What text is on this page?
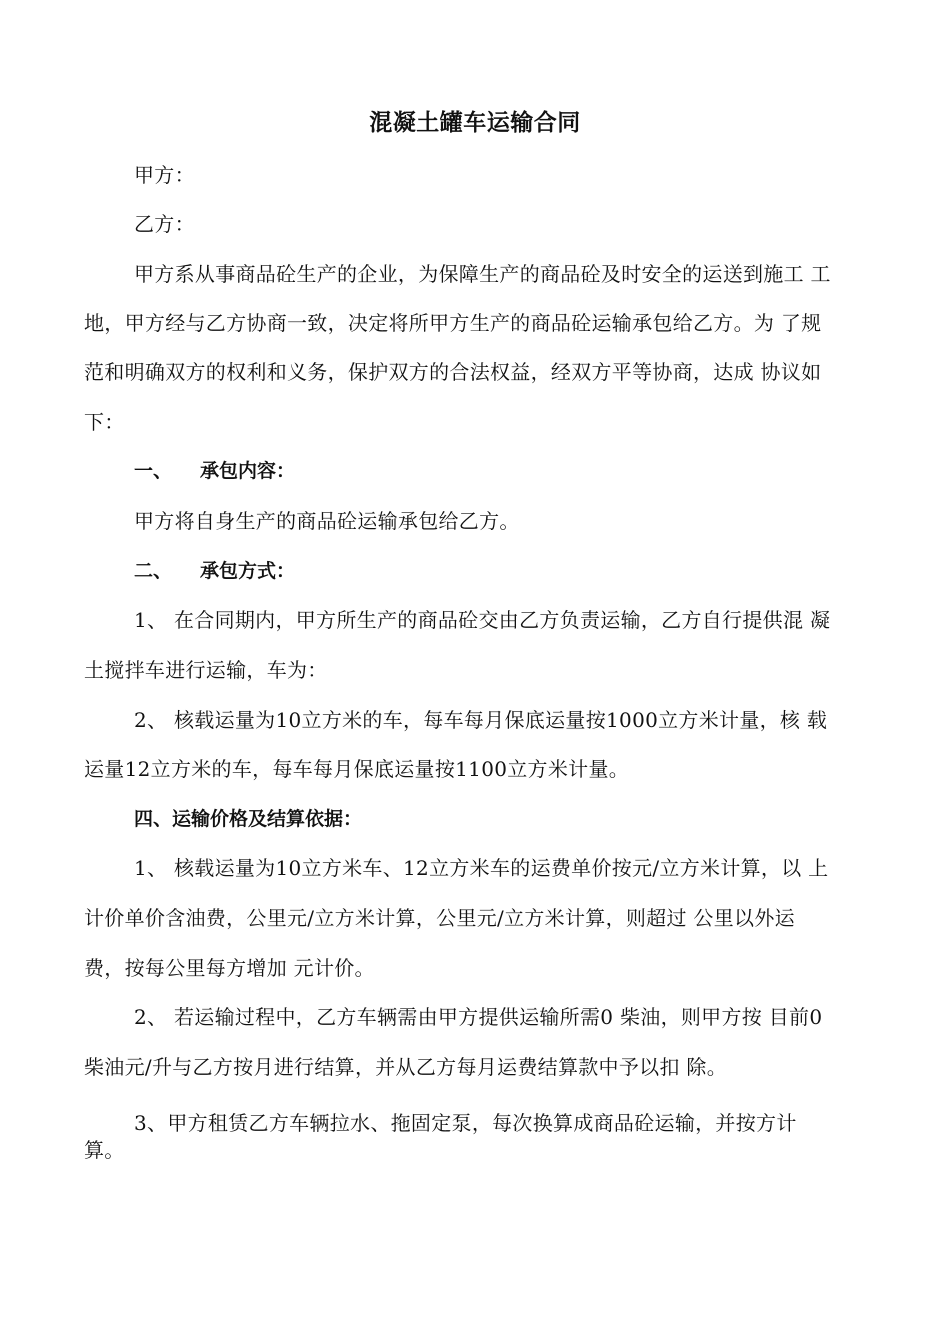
混凝土罐车运输合同
甲方：
乙方：
甲方系从事商品砼生产的企业，为保障生产的商品砼及时安全的运送到施工 工
地，甲方经与乙方协商一致，决定将所甲方生产的商品砼运输承包给乙方。为 了规
范和明确双方的权利和义务，保护双方的合法权益，经双方平等协商，达成 协议如
下：
一、 承包内容：
甲方将自身生产的商品砼运输承包给乙方。
二、 承包方式：
1、 在合同期内，甲方所生产的商品砼交由乙方负责运输，乙方自行提供混 凝
土搅拌车进行运输，车为：
2、 核载运量为10立方米的车，每车每月保底运量按1000立方米计量，核 载
运量12立方米的车，每车每月保底运量按1100立方米计量。
四、运输价格及结算依据：
1、 核载运量为10立方米车、12立方米车的运费单价按元/立方米计算，以 上
计价单价含油费，公里元/立方米计算，公里元/立方米计算，则超过 公里以外运
费，按每公里每方增加 元计价。
2、 若运输过程中，乙方车辆需由甲方提供运输所需0 柴油，则甲方按 目前0
柴油元/升与乙方按月进行结算，并从乙方每月运费结算款中予以扣 除。
3、甲方租赁乙方车辆拉水、拖固定泵，每次换算成商品砼运输，并按方计
算。
